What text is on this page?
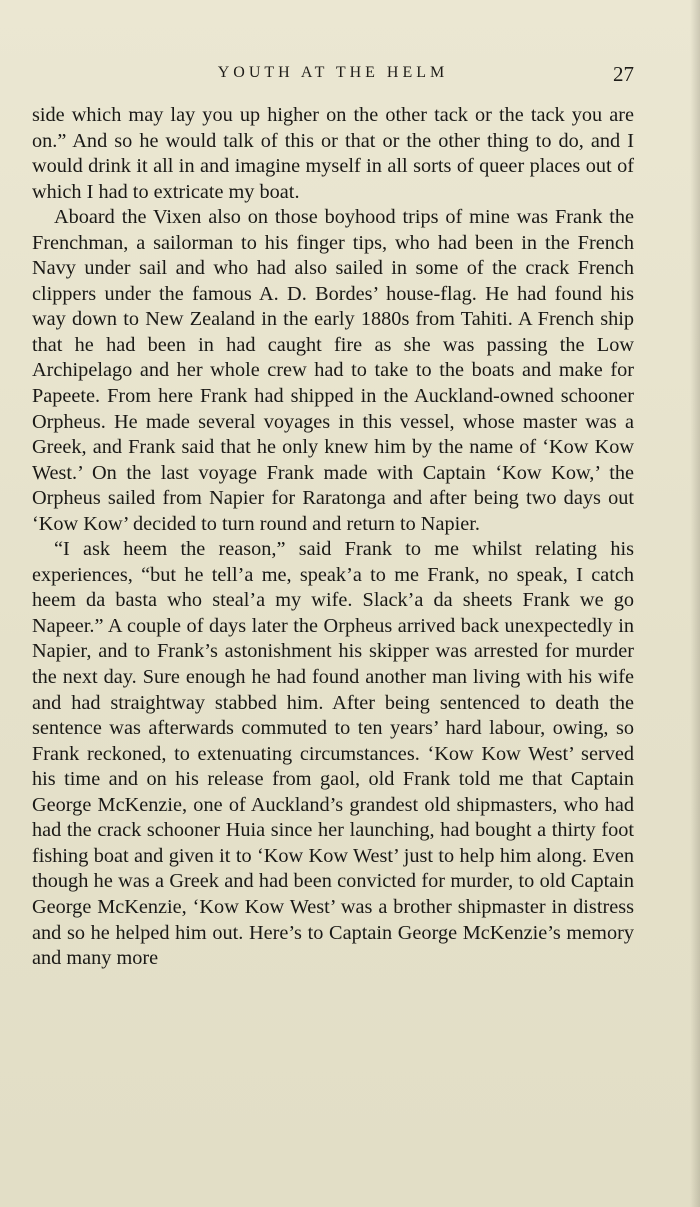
YOUTH AT THE HELM	27

side which may lay you up higher on the other tack or the tack you are on.” And so he would talk of this or that or the other thing to do, and I would drink it all in and imagine myself in all sorts of queer places out of which I had to extricate my boat.

Aboard the Vixen also on those boyhood trips of mine was Frank the Frenchman, a sailorman to his finger tips, who had been in the French Navy under sail and who had also sailed in some of the crack French clippers under the famous A. D. Bordes’ house-flag. He had found his way down to New Zealand in the early 1880s from Tahiti. A French ship that he had been in had caught fire as she was passing the Low Archipelago and her whole crew had to take to the boats and make for Papeete. From here Frank had shipped in the Auckland-owned schooner Orpheus. He made several voyages in this vessel, whose master was a Greek, and Frank said that he only knew him by the name of ‘Kow Kow West.’ On the last voyage Frank made with Captain ‘Kow Kow,’ the Orpheus sailed from Napier for Raratonga and after being two days out ‘Kow Kow’ decided to turn round and return to Napier.

“I ask heem the reason,” said Frank to me whilst relating his experiences, “but he tell’a me, speak’a to me Frank, no speak, I catch heem da basta who steal’a my wife. Slack’a da sheets Frank we go Napeer.” A couple of days later the Orpheus arrived back unexpectedly in Napier, and to Frank’s astonishment his skipper was arrested for murder the next day. Sure enough he had found another man living with his wife and had straightway stabbed him. After being sentenced to death the sentence was afterwards commuted to ten years’ hard labour, owing, so Frank reckoned, to extenuating circumstances. ‘Kow Kow West’ served his time and on his release from gaol, old Frank told me that Captain George McKenzie, one of Auckland’s grandest old shipmasters, who had had the crack schooner Huia since her launching, had bought a thirty foot fishing boat and given it to ‘Kow Kow West’ just to help him along. Even though he was a Greek and had been convicted for murder, to old Captain George McKenzie, ‘Kow Kow West’ was a brother shipmaster in distress and so he helped him out. Here’s to Captain George McKenzie’s memory and many more
